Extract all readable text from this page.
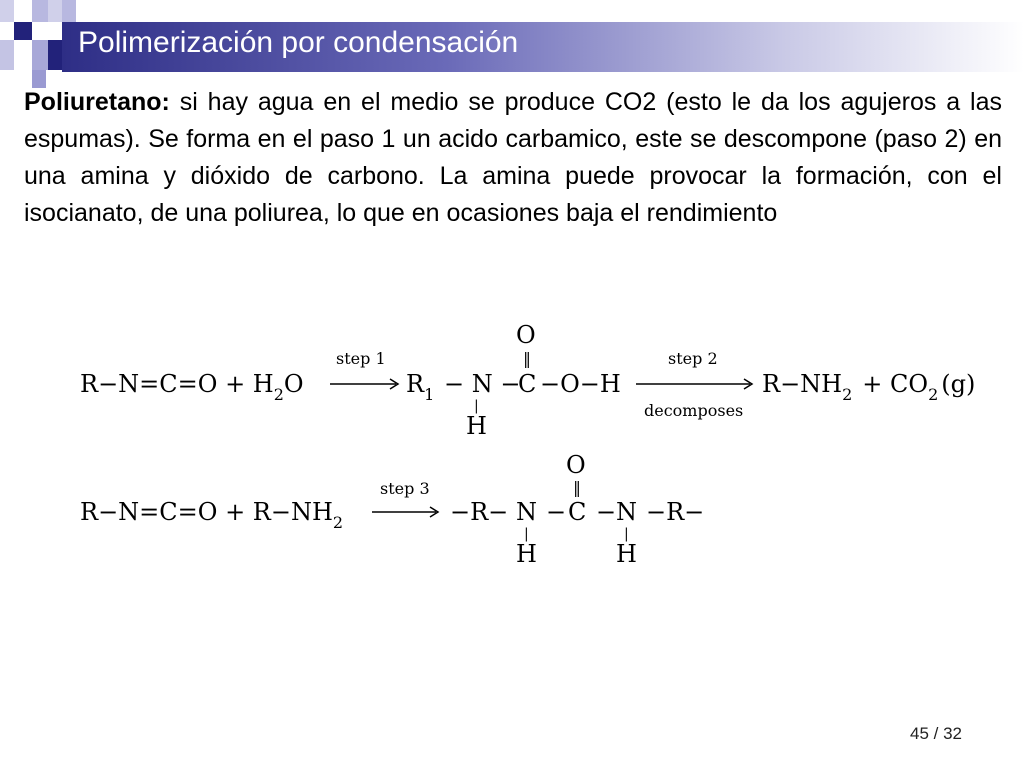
Polimerización por condensación

Poliuretano: si hay agua en el medio se produce CO2 (esto le da los agujeros a las espumas). Se forma en el paso 1 un acido carbamico, este se descompone (paso 2) en una amina y dióxido de carbono. La amina puede provocar la formación, con el isocianato, de una poliurea, lo que en ocasiones baja el rendimiento

$R-N=C=O + H_2O$
step 1
$R_1 - N$ −
C −O−H
O
‖
|
H
step 2
decomposes
$R-NH_2 + CO_2$ (g)
$R-N=C=O + R-NH_2$
step 3
−R− N − C − N −R−
O
‖
|	|
H	H
45 / 32
